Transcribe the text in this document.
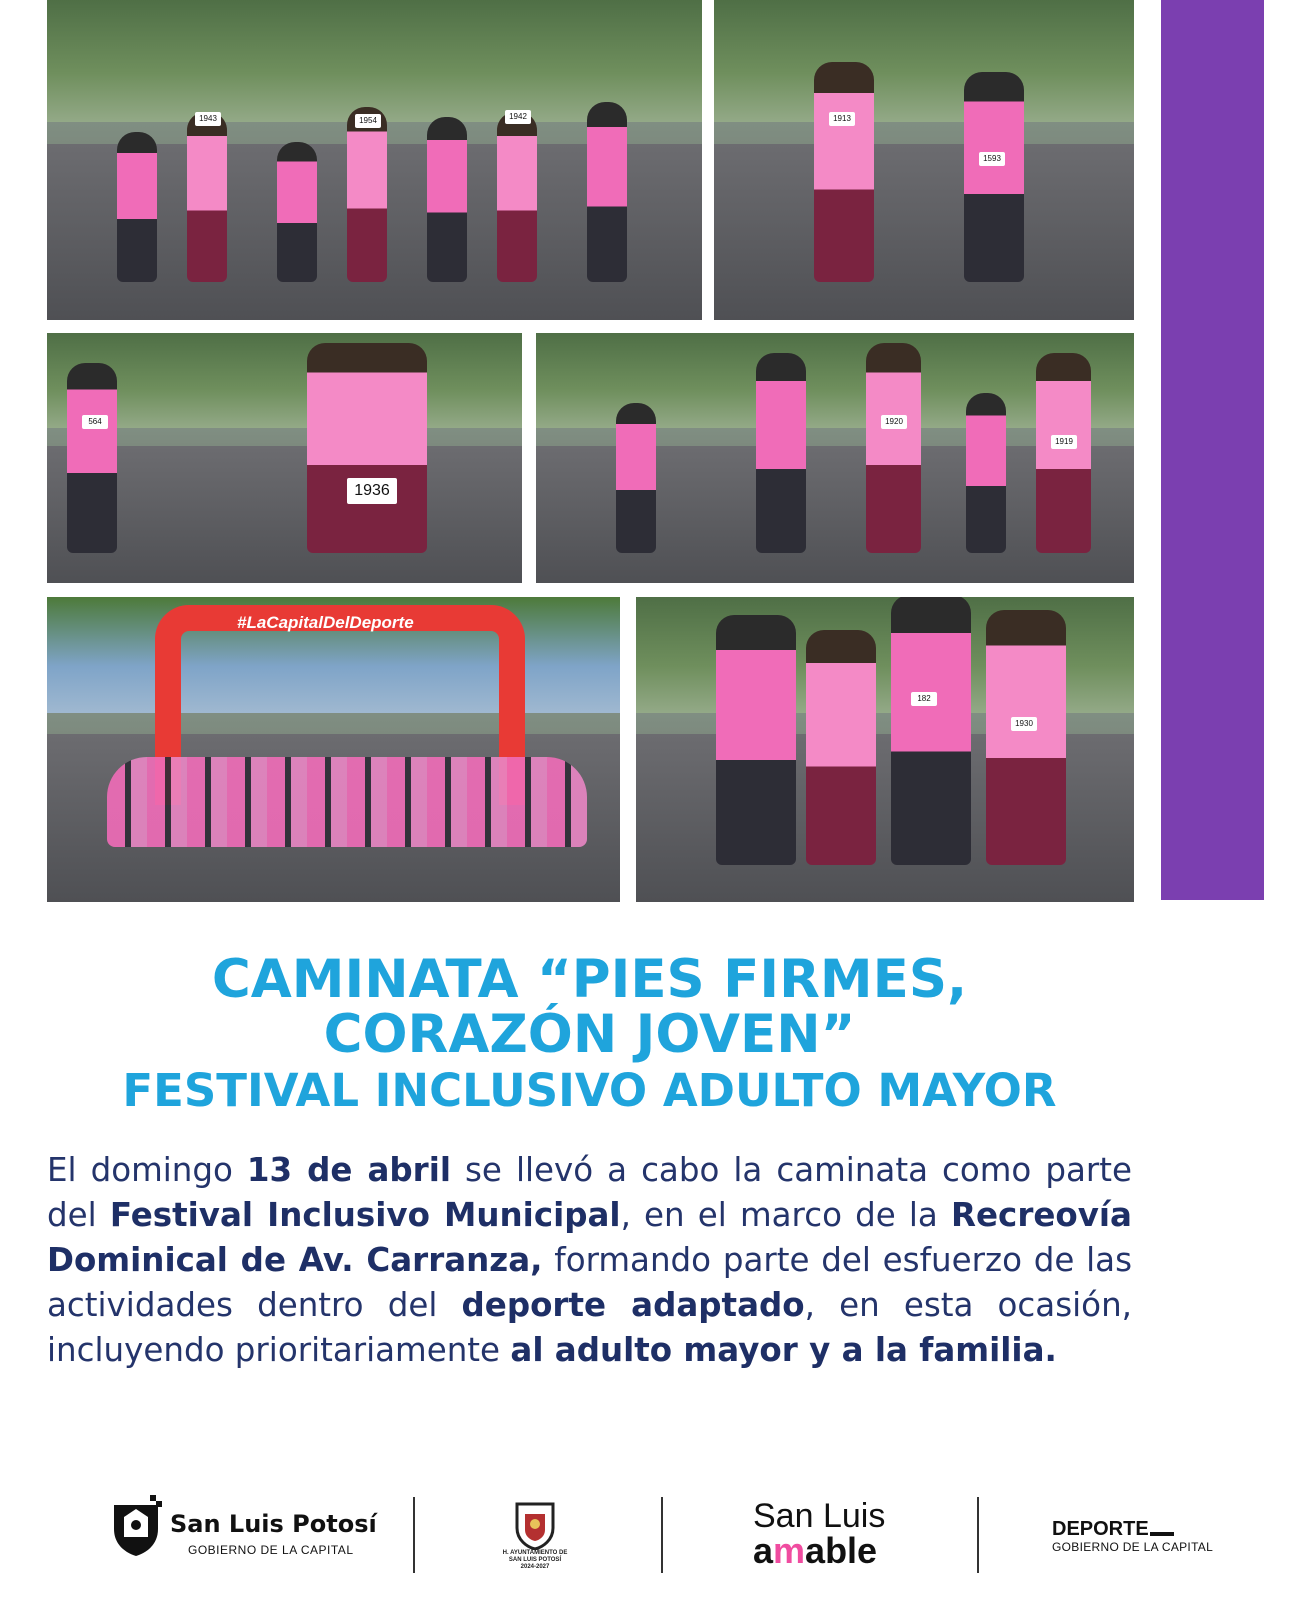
1943	1954	1942	1913
1593
564
1936
1920
1919
#LaCapitalDelDeporte
182
1930
CAMINATA “PIES FIRMES,
CORAZÓN JOVEN”
FESTIVAL INCLUSIVO ADULTO MAYOR

El domingo 13 de abril se llevó a cabo la caminata como parte del Festival Inclusivo Municipal, en el marco de la Recreovía Dominical de Av. Carranza, formando parte del esfuerzo de las actividades dentro del deporte adaptado, en esta ocasión, incluyendo prioritariamente al adulto mayor y a la familia.

San Luis Potosí
GOBIERNO DE LA CAPITAL	H. AYUNTAMIENTO DE
SAN LUIS POTOSÍ
2024-2027
San Luis
amable
DEPORTE
GOBIERNO DE LA CAPITAL
